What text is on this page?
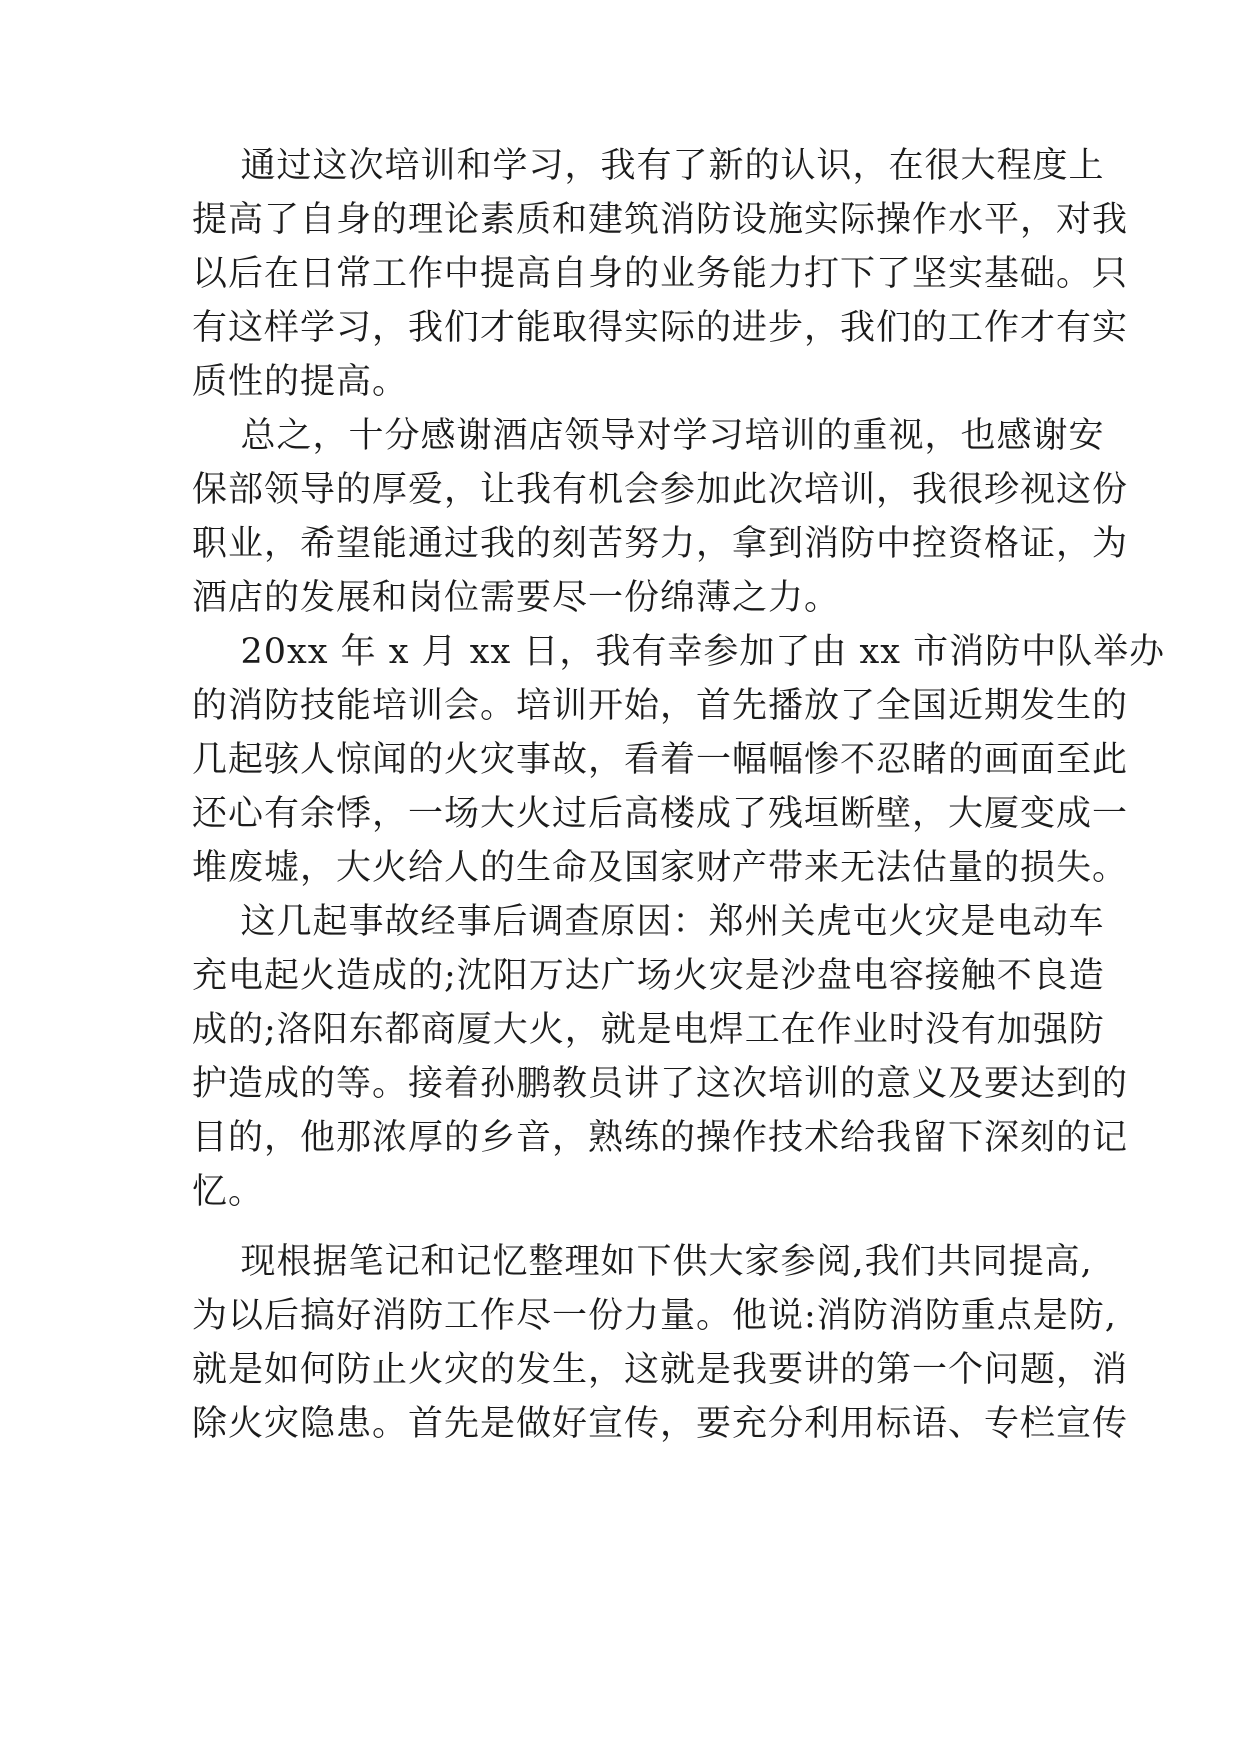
通过这次培训和学习，我有了新的认识，在很大程度上
提高了自身的理论素质和建筑消防设施实际操作水平，对我
以后在日常工作中提高自身的业务能力打下了坚实基础。只
有这样学习，我们才能取得实际的进步，我们的工作才有实
质性的提高。
总之，十分感谢酒店领导对学习培训的重视，也感谢安
保部领导的厚爱，让我有机会参加此次培训，我很珍视这份
职业，希望能通过我的刻苦努力，拿到消防中控资格证，为
酒店的发展和岗位需要尽一份绵薄之力。
20xx 年 x 月 xx 日，我有幸参加了由 xx 市消防中队举办
的消防技能培训会。培训开始，首先播放了全国近期发生的
几起骇人惊闻的火灾事故，看着一幅幅惨不忍睹的画面至此
还心有余悸，一场大火过后高楼成了残垣断壁，大厦变成一
堆废墟，大火给人的生命及国家财产带来无法估量的损失。
这几起事故经事后调查原因：郑州关虎屯火灾是电动车
充电起火造成的;沈阳万达广场火灾是沙盘电容接触不良造
成的;洛阳东都商厦大火，就是电焊工在作业时没有加强防
护造成的等。接着孙鹏教员讲了这次培训的意义及要达到的
目的，他那浓厚的乡音，熟练的操作技术给我留下深刻的记
忆。
现根据笔记和记忆整理如下供大家参阅,我们共同提高,
为以后搞好消防工作尽一份力量。他说:消防消防重点是防,
就是如何防止火灾的发生，这就是我要讲的第一个问题，消
除火灾隐患。首先是做好宣传，要充分利用标语、专栏宣传
